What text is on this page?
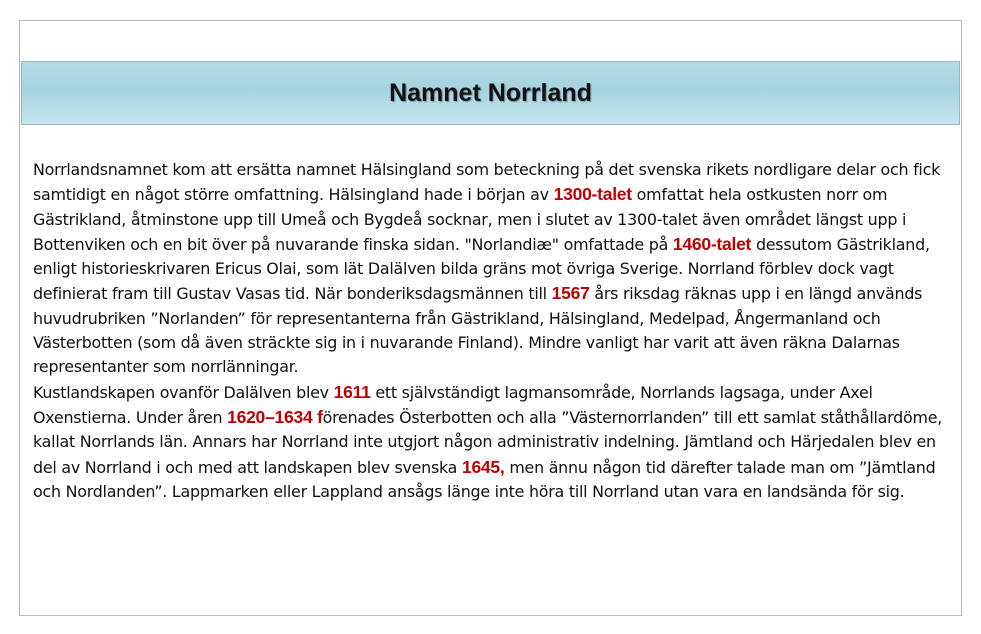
Namnet Norrland

Norrlandsnamnet kom att ersätta namnet Hälsingland som beteckning på det svenska rikets nordligare delar och fick samtidigt en något större omfattning. Hälsingland hade i början av 1300-talet omfattat hela ostkusten norr om Gästrikland, åtminstone upp till Umeå och Bygdeå socknar, men i slutet av 1300-talet även området längst upp i Bottenviken och en bit över på nuvarande finska sidan. "Norlandiæ" omfattade på 1460-talet dessutom Gästrikland, enligt historieskrivaren Ericus Olai, som lät Dalälven bilda gräns mot övriga Sverige. Norrland förblev dock vagt definierat fram till Gustav Vasas tid. När bonderiksdagsmännen till 1567 års riksdag räknas upp i en längd används huvudrubriken ”Norlanden” för representanterna från Gästrikland, Hälsingland, Medelpad, Ångermanland och Västerbotten (som då även sträckte sig in i nuvarande Finland). Mindre vanligt har varit att även räkna Dalarnas representanter som norrlänningar.

Kustlandskapen ovanför Dalälven blev 1611 ett självständigt lagmansområde, Norrlands lagsaga, under Axel Oxenstierna. Under åren 1620–1634 förenades Österbotten och alla ”Västernorrlanden” till ett samlat ståthållardöme, kallat Norrlands län. Annars har Norrland inte utgjort någon administrativ indelning. Jämtland och Härjedalen blev en del av Norrland i och med att landskapen blev svenska 1645, men ännu någon tid därefter talade man om ”Jämtland och Nordlanden”. Lappmarken eller Lappland ansågs länge inte höra till Norrland utan vara en landsända för sig.
